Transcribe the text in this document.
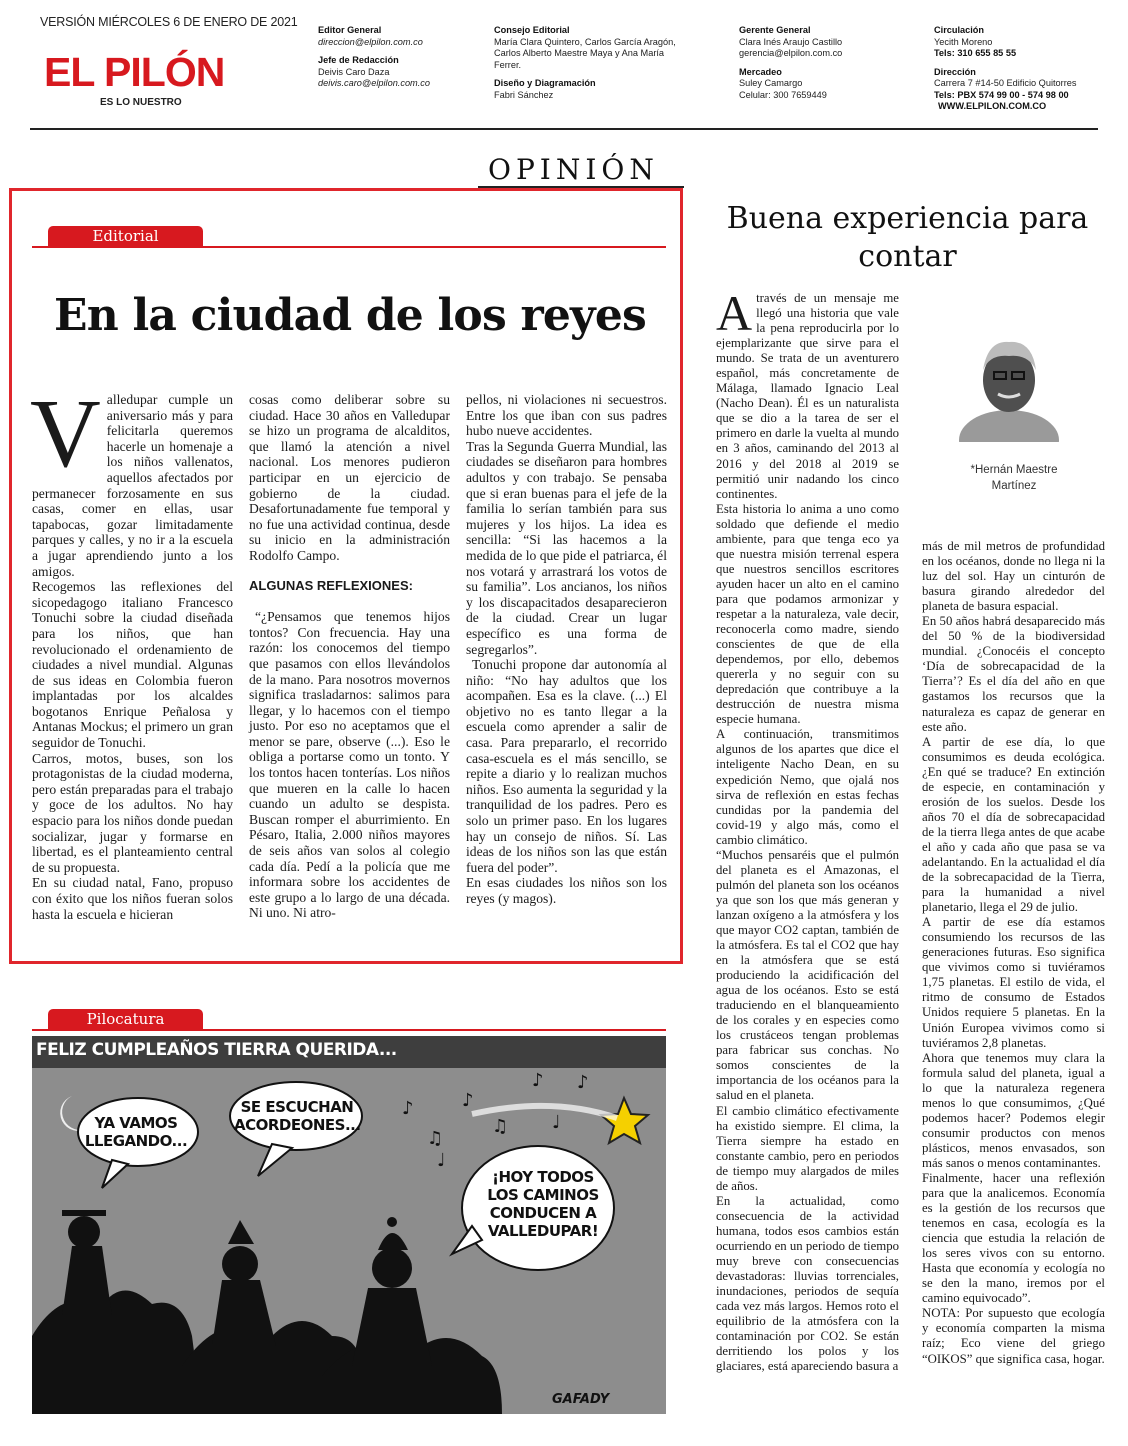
VERSIÓN MIÉRCOLES 6 DE ENERO DE 2021
EL PILÓN
ES LO NUESTRO
Editor General
direccion@elpilon.com.co
Jefe de Redacción
Deivis Caro Daza
deivis.caro@elpilon.com.co
Consejo Editorial
María Clara Quintero, Carlos García Aragón,
Carlos Alberto Maestre Maya y Ana María
Ferrer.
Diseño y Diagramación
Fabri Sánchez
Gerente General
Clara Inés Araujo Castillo
gerencia@elpilon.com.co
Mercadeo
Suley Camargo
Celular: 300 7659449
Circulación
Yecith Moreno
Tels: 310 655 85 55
Dirección
Carrera 7 #14-50 Edificio Quitorres
Tels: PBX 574 99 00 - 574 98 00
WWW.ELPILON.COM.CO
OPINIÓN
Editorial
En la ciudad de los reyes
V alledupar cumple un aniversario más y para felicitarla queremos hacerle un homenaje a los niños vallenatos, aquellos afectados por permanecer forzosamente en sus casas, comer en ellas, usar tapabocas, gozar limitadamente parques y calles, y no ir a la escuela a jugar aprendiendo junto a los amigos.

Recogemos las reflexiones del sicopedagogo italiano Francesco Tonuchi sobre la ciudad diseñada para los niños, que han revolucionado el ordenamiento de ciudades a nivel mundial. Algunas de sus ideas en Colombia fueron implantadas por los alcaldes bogotanos Enrique Peñalosa y Antanas Mockus; el primero un gran seguidor de Tonuchi.

Carros, motos, buses, son los protagonistas de la ciudad moderna, pero están preparadas para el trabajo y goce de los adultos. No hay espacio para los niños donde puedan socializar, jugar y formarse en libertad, es el planteamiento central de su propuesta.

En su ciudad natal, Fano, propuso con éxito que los niños fueran solos hasta la escuela e hicieran

cosas como deliberar sobre su ciudad. Hace 30 años en Valledupar se hizo un programa de alcalditos, que llamó la atención a nivel nacional. Los menores pudieron participar en un ejercicio de gobierno de la ciudad. Desafortunadamente fue temporal y no fue una actividad continua, desde su inicio en la administración Rodolfo Campo.

ALGUNAS REFLEXIONES:

“¿Pensamos que tenemos hijos tontos? Con frecuencia. Hay una razón: los conocemos del tiempo que pasamos con ellos llevándolos de la mano. Para nosotros movernos significa trasladarnos: salimos para llegar, y lo hacemos con el tiempo justo. Por eso no aceptamos que el menor se pare, observe (...). Eso le obliga a portarse como un tonto. Y los tontos hacen tonterías. Los niños que mueren en la calle lo hacen cuando un adulto se despista. Buscan romper el aburrimiento. En Pésaro, Italia, 2.000 niños mayores de seis años van solos al colegio cada día. Pedí a la policía que me informara sobre los accidentes de este grupo a lo largo de una década. Ni uno. Ni atro-

pellos, ni violaciones ni secuestros. Entre los que iban con sus padres hubo nueve accidentes.

Tras la Segunda Guerra Mundial, las ciudades se diseñaron para hombres adultos y con trabajo. Se pensaba que si eran buenas para el jefe de la familia lo serían también para sus mujeres y los hijos. La idea es sencilla: “Si las hacemos a la medida de lo que pide el patriarca, él nos votará y arrastrará los votos de su familia”. Los ancianos, los niños y los discapacitados desaparecieron de la ciudad. Crear un lugar específico es una forma de segregarlos”.

Tonuchi propone dar autonomía al niño: “No hay adultos que los acompañen. Esa es la clave. (...) El objetivo no es tanto llegar a la escuela como aprender a salir de casa. Para prepararlo, el recorrido casa-escuela es el más sencillo, se repite a diario y lo realizan muchos niños. Eso aumenta la seguridad y la tranquilidad de los padres. Pero es solo un primer paso. En los lugares hay un consejo de niños. Sí. Las ideas de los niños son las que están fuera del poder”.

En esas ciudades los niños son los reyes (y magos).

Pilocatura
♪
♫
♪
♫
♪
♩
♪
♩
FELIZ CUMPLEAÑOS TIERRA QUERIDA...
YA VAMOS LLEGANDO...
SE ESCUCHAN ACORDEONES...
¡HOY TODOS LOS CAMINOS CONDUCEN A VALLEDUPAR!
GAFADY
Buena experiencia para contar
*Hernán Maestre Martínez
A través de un mensaje me llegó una historia que vale la pena reproducirla por lo ejemplarizante que sirve para el mundo. Se trata de un aventurero español, más concretamente de Málaga, llamado Ignacio Leal (Nacho Dean). Él es un naturalista que se dio a la tarea de ser el primero en darle la vuelta al mundo en 3 años, caminando del 2013 al 2016 y del 2018 al 2019 se permitió unir nadando los cinco continentes.

Esta historia lo anima a uno como soldado que defiende el medio ambiente, para que tenga eco ya que nuestra misión terrenal espera que nuestros sencillos escritores ayuden hacer un alto en el camino para que podamos armonizar y respetar a la naturaleza, vale decir, reconocerla como madre, siendo conscientes de que de ella dependemos, por ello, debemos quererla y no seguir con su depredación que contribuye a la destrucción de nuestra misma especie humana.

A continuación, transmitimos algunos de los apartes que dice el inteligente Nacho Dean, en su expedición Nemo, que ojalá nos sirva de reflexión en estas fechas cundidas por la pandemia del covid-19 y algo más, como el cambio climático.

“Muchos pensaréis que el pulmón del planeta es el Amazonas, el pulmón del planeta son los océanos ya que son los que más generan y lanzan oxígeno a la atmósfera y los que mayor CO2 captan, también de la atmósfera. Es tal el CO2 que hay en la atmósfera que se está produciendo la acidificación del agua de los océanos. Esto se está traduciendo en el blanqueamiento de los corales y en especies como los crustáceos tengan problemas para fabricar sus conchas. No somos conscientes de la importancia de los océanos para la salud en el planeta.

El cambio climático efectivamente ha existido siempre. El clima, la Tierra siempre ha estado en constante cambio, pero en periodos de tiempo muy alargados de miles de años.

En la actualidad, como consecuencia de la actividad humana, todos esos cambios están ocurriendo en un periodo de tiempo muy breve con consecuencias devastadoras: lluvias torrenciales, inundaciones, periodos de sequía cada vez más largos. Hemos roto el equilibrio de la atmósfera con la contaminación por CO2. Se están derritiendo los polos y los glaciares, está apareciendo basura a

más de mil metros de profundidad en los océanos, donde no llega ni la luz del sol. Hay un cinturón de basura girando alrededor del planeta de basura espacial.

En 50 años habrá desaparecido más del 50 % de la biodiversidad mundial. ¿Conocéis el concepto ‘Día de sobrecapacidad de la Tierra’? Es el día del año en que gastamos los recursos que la naturaleza es capaz de generar en este año.

A partir de ese día, lo que consumimos es deuda ecológica. ¿En qué se traduce? En extinción de especie, en contaminación y erosión de los suelos. Desde los años 70 el día de sobrecapacidad de la tierra llega antes de que acabe el año y cada año que pasa se va adelantando. En la actualidad el día de la sobrecapacidad de la Tierra, para la humanidad a nivel planetario, llega el 29 de julio.

A partir de ese día estamos consumiendo los recursos de las generaciones futuras. Eso significa que vivimos como si tuviéramos 1,75 planetas. El estilo de vida, el ritmo de consumo de Estados Unidos requiere 5 planetas. En la Unión Europea vivimos como si tuviéramos 2,8 planetas.

Ahora que tenemos muy clara la formula salud del planeta, igual a lo que la naturaleza regenera menos lo que consumimos, ¿Qué podemos hacer? Podemos elegir consumir productos con menos plásticos, menos envasados, son más sanos o menos contaminantes.

Finalmente, hacer una reflexión para que la analicemos. Economía es la gestión de los recursos que tenemos en casa, ecología es la ciencia que estudia la relación de los seres vivos con su entorno. Hasta que economía y ecología no se den la mano, iremos por el camino equivocado”.

NOTA: Por supuesto que ecología y economía comparten la misma raíz; Eco viene del griego “OIKOS” que significa casa, hogar.
